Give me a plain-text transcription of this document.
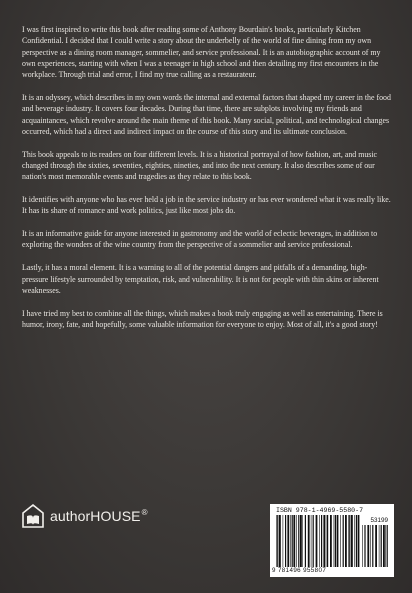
I was first inspired to write this book after reading some of Anthony Bourdain's books, particularly Kitchen Confidential. I decided that I could write a story about the underbelly of the world of fine dining from my own perspective as a dining room manager, sommelier, and service professional. It is an autobiographic account of my own experiences, starting with when I was a teenager in high school and then detailing my first encounters in the workplace. Through trial and error, I find my true calling as a restaurateur.

It is an odyssey, which describes in my own words the internal and external factors that shaped my career in the food and beverage industry. It covers four decades. During that time, there are subplots involving my friends and acquaintances, which revolve around the main theme of this book. Many social, political, and technological changes occurred, which had a direct and indirect impact on the course of this story and its ultimate conclusion.

This book appeals to its readers on four different levels. It is a historical portrayal of how fashion, art, and music changed through the sixties, seventies, eighties, nineties, and into the next century. It also describes some of our nation's most memorable events and tragedies as they relate to this book.

It identifies with anyone who has ever held a job in the service industry or has ever wondered what it was really like. It has its share of romance and work politics, just like most jobs do.

It is an informative guide for anyone interested in gastronomy and the world of eclectic beverages, in addition to exploring the wonders of the wine country from the perspective of a sommelier and service professional.

Lastly, it has a moral element. It is a warning to all of the potential dangers and pitfalls of a demanding, high-pressure lifestyle surrounded by temptation, risk, and vulnerability. It is not for people with thin skins or inherent weaknesses.

I have tried my best to combine all the things, which makes a book truly engaging as well as entertaining. There is humor, irony, fate, and hopefully, some valuable information for everyone to enjoy. Most of all, it's a good story!

authorHOUSE®	ISBN 978-1-4969-5580-7
53199
9 781496 955807
